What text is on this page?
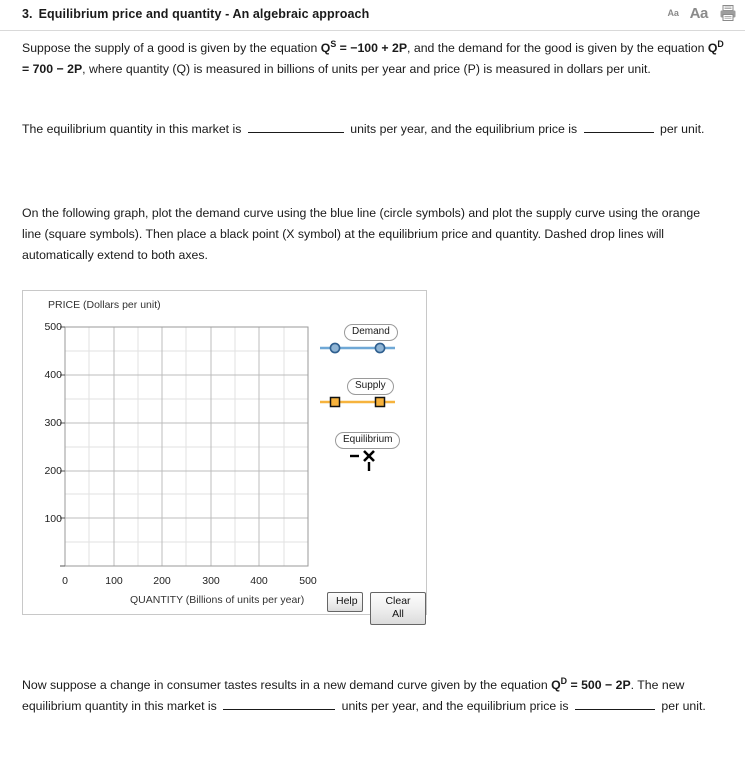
3. Equilibrium price and quantity - An algebraic approach	Aa Aa
Suppose the supply of a good is given by the equation $Q^S = -100 + 2P$, and the demand for the good is given by the equation $Q^D = 700 - 2P$, where quantity (Q) is measured in billions of units per year and price (P) is measured in dollars per unit.
The equilibrium quantity in this market is	units per year, and the equilibrium price is	per unit.
On the following graph, plot the demand curve using the blue line (circle symbols) and plot the supply curve using the orange line (square symbols). Then place a black point (X symbol) at the equilibrium price and quantity. Dashed drop lines will automatically extend to both axes.
PRICE (Dollars per unit)
QUANTITY (Billions of units per year)
500
400
300
200
100
0	100	200	300	400	500
Demand
Supply
Equilibrium
Help	Clear All
Now suppose a change in consumer tastes results in a new demand curve given by the equation $Q^D = 500 - 2P$. The new equilibrium quantity in this market is	units per year, and the equilibrium price is	per unit.
